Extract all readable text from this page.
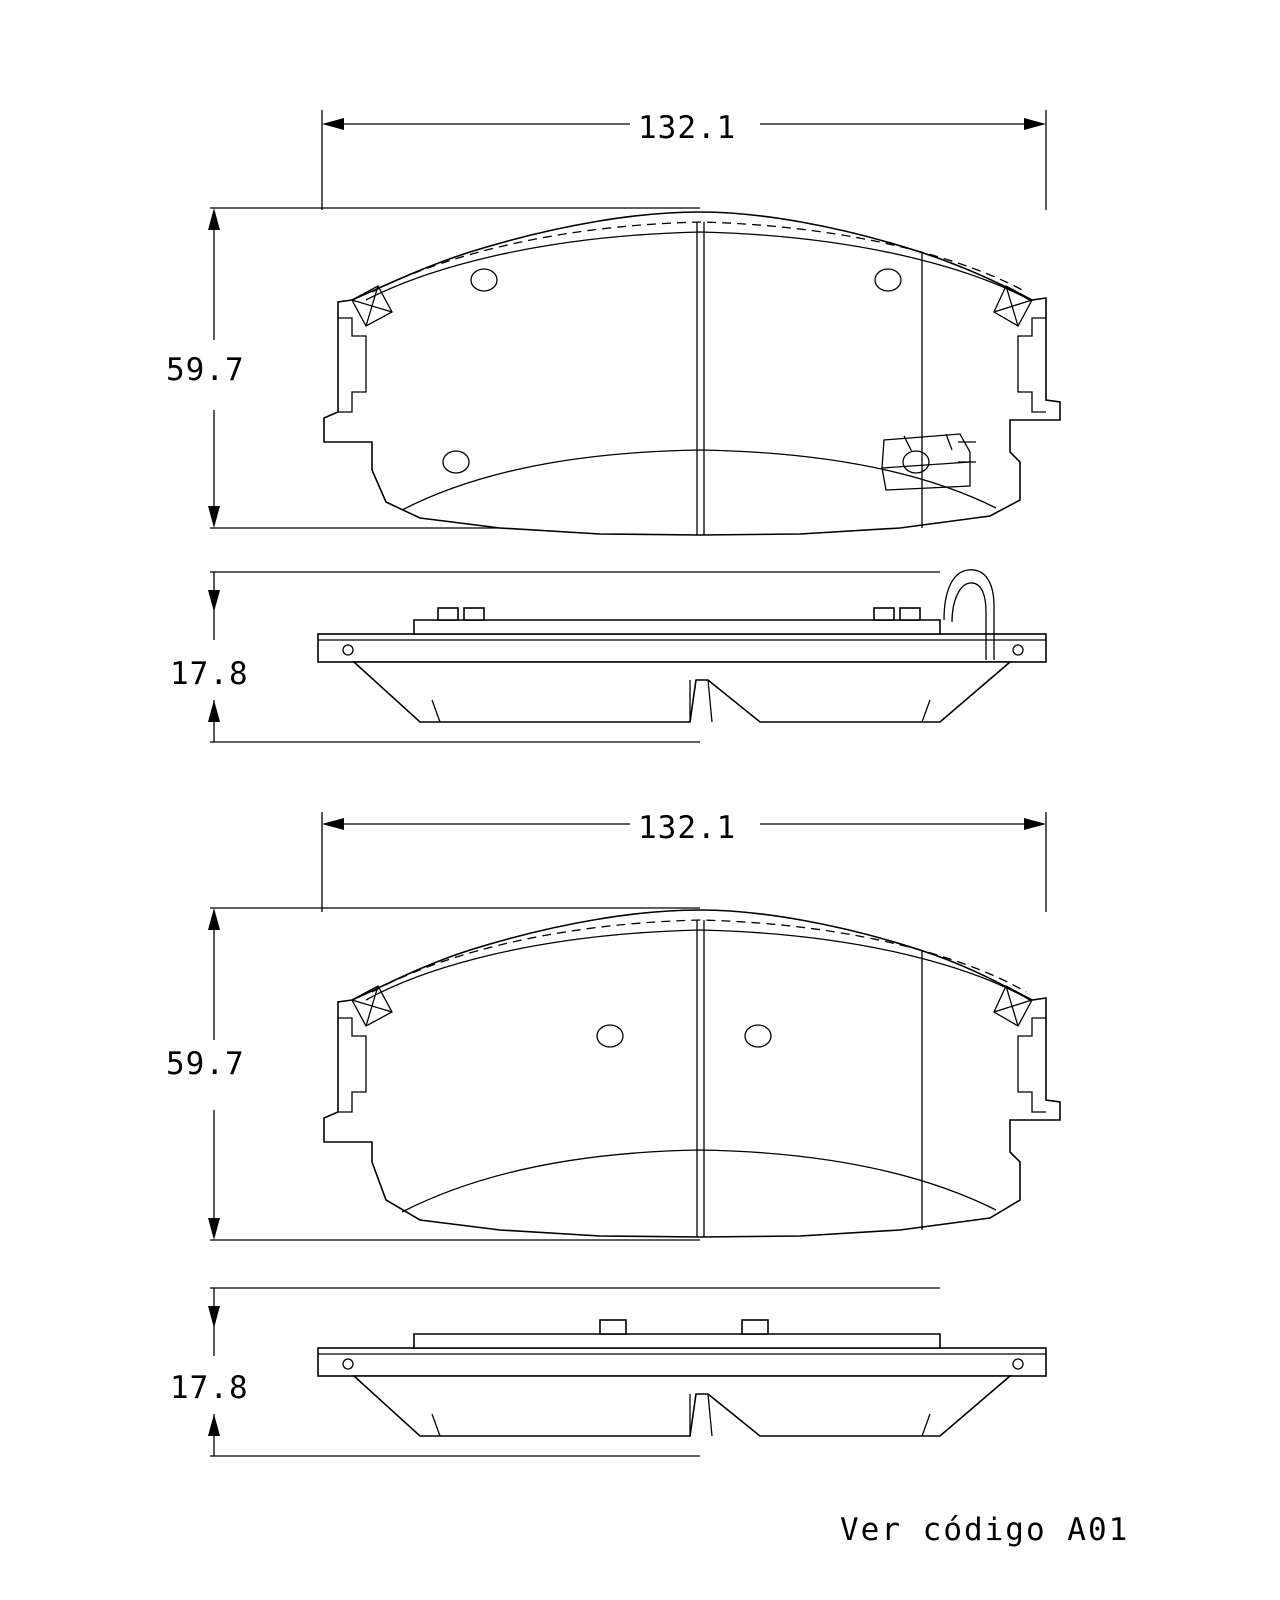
132.1
59.7
17.8
132.1
59.7
17.8
Ver código A01
